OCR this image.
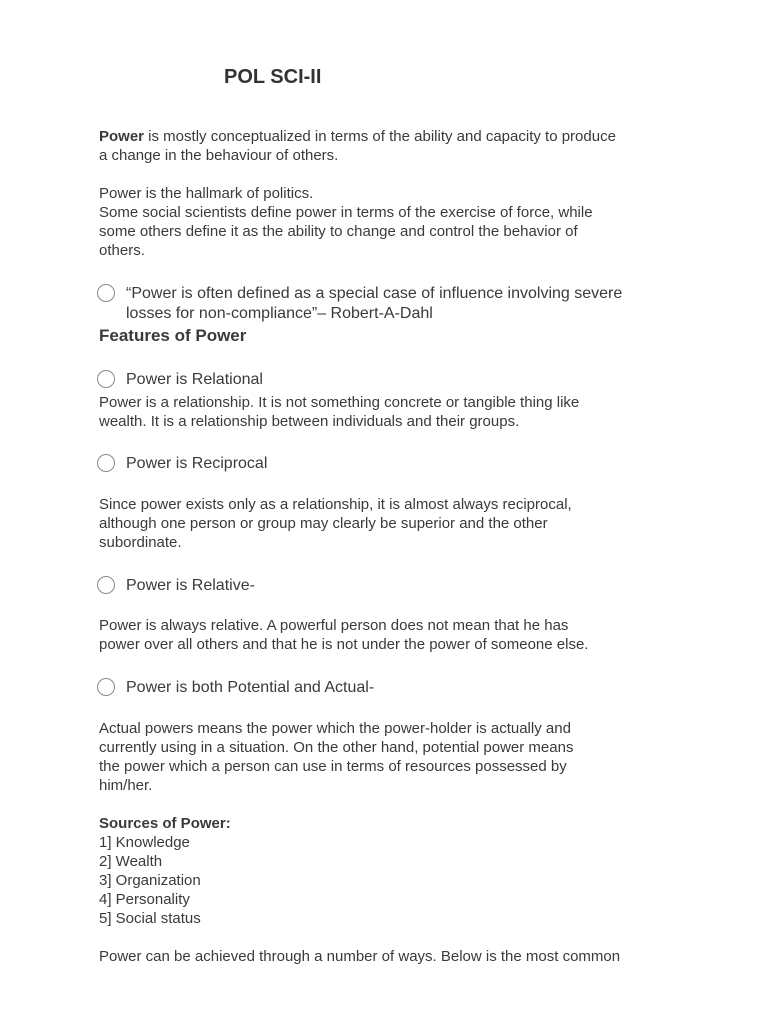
POL SCI-II

Power is mostly conceptualized in terms of the ability and capacity to produce
a change in the behaviour of others.

Power is the hallmark of politics.
Some social scientists define power in terms of the exercise of force, while
some others define it as the ability to change and control the behavior of
others.

“Power is often defined as a special case of influence involving severe
losses for non-compliance”– Robert-A-Dahl
Features of Power
Power is Relational

Power is a relationship. It is not something concrete or tangible thing like
wealth. It is a relationship between individuals and their groups.

Power is Reciprocal

Since power exists only as a relationship, it is almost always reciprocal,
although one person or group may clearly be superior and the other
subordinate.

Power is Relative-

Power is always relative. A powerful person does not mean that he has
power over all others and that he is not under the power of someone else.

Power is both Potential and Actual-

Actual powers means the power which the power-holder is actually and
currently using in a situation. On the other hand, potential power means
the power which a person can use in terms of resources possessed by
him/her.

Sources of Power:

1] Knowledge

2] Wealth

3] Organization

4] Personality

5] Social status

Power can be achieved through a number of ways. Below is the most common
